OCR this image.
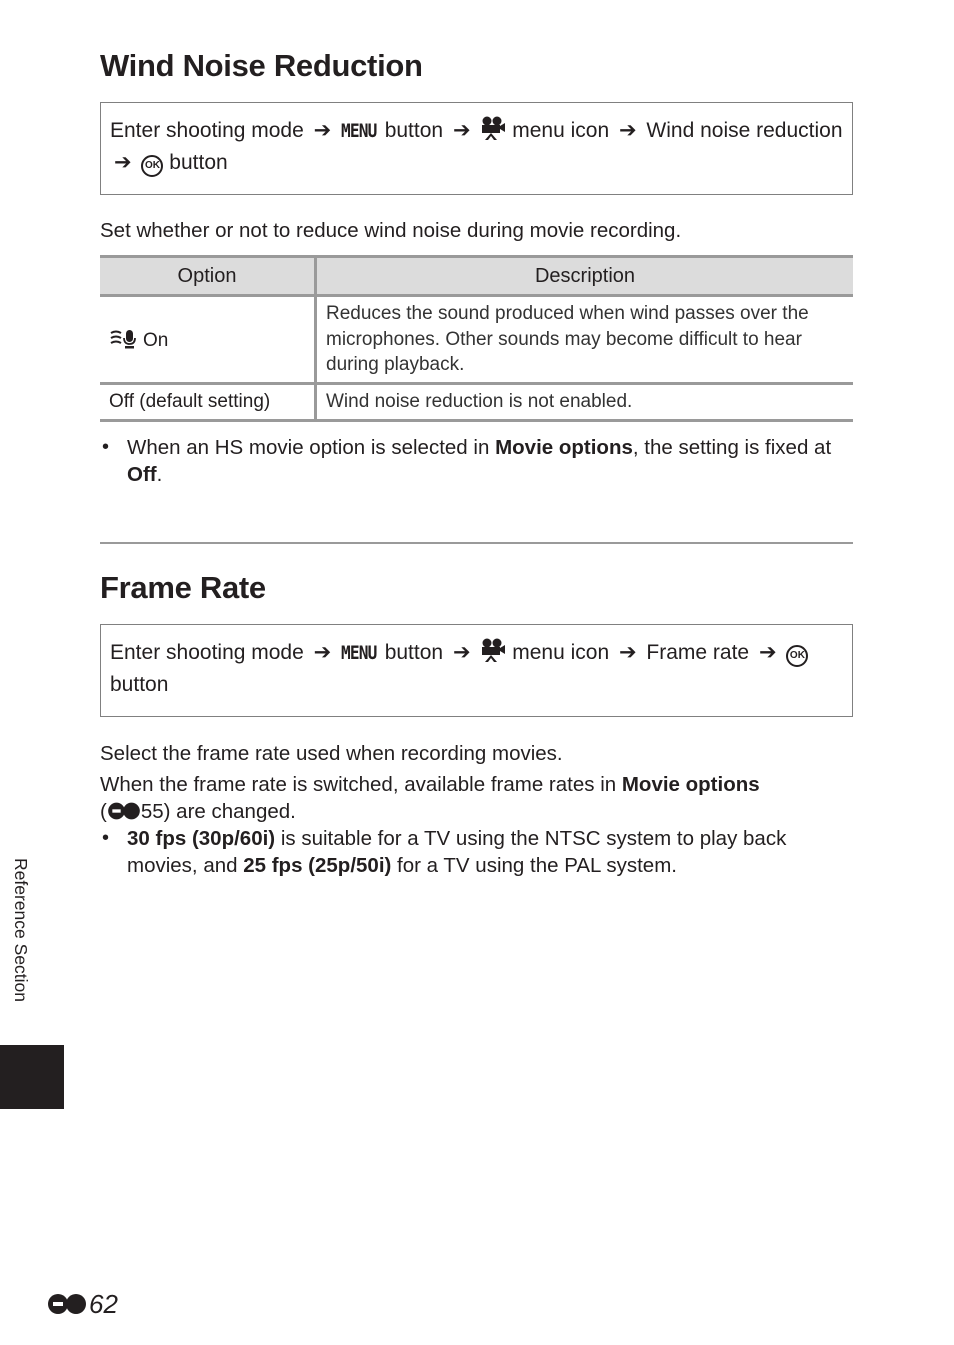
Wind Noise Reduction
Enter shooting mode ➔ MENU button ➔ menu icon ➔ Wind noise reduction ➔ OK button
Set whether or not to reduce wind noise during movie recording.
Option	Description
On	Reduces the sound produced when wind passes over the microphones. Other sounds may become difficult to hear during playback.
Off (default setting)	Wind noise reduction is not enabled.
• When an HS movie option is selected in Movie options, the setting is fixed at Off.
Frame Rate
Enter shooting mode ➔ MENU button ➔ menu icon ➔ Frame rate ➔ OK button
Select the frame rate used when recording movies.
When the frame rate is switched, available frame rates in Movie options
( 55) are changed.
• 30 fps (30p/60i) is suitable for a TV using the NTSC system to play back movies, and 25 fps (25p/50i) for a TV using the PAL system.
Reference Section
62
